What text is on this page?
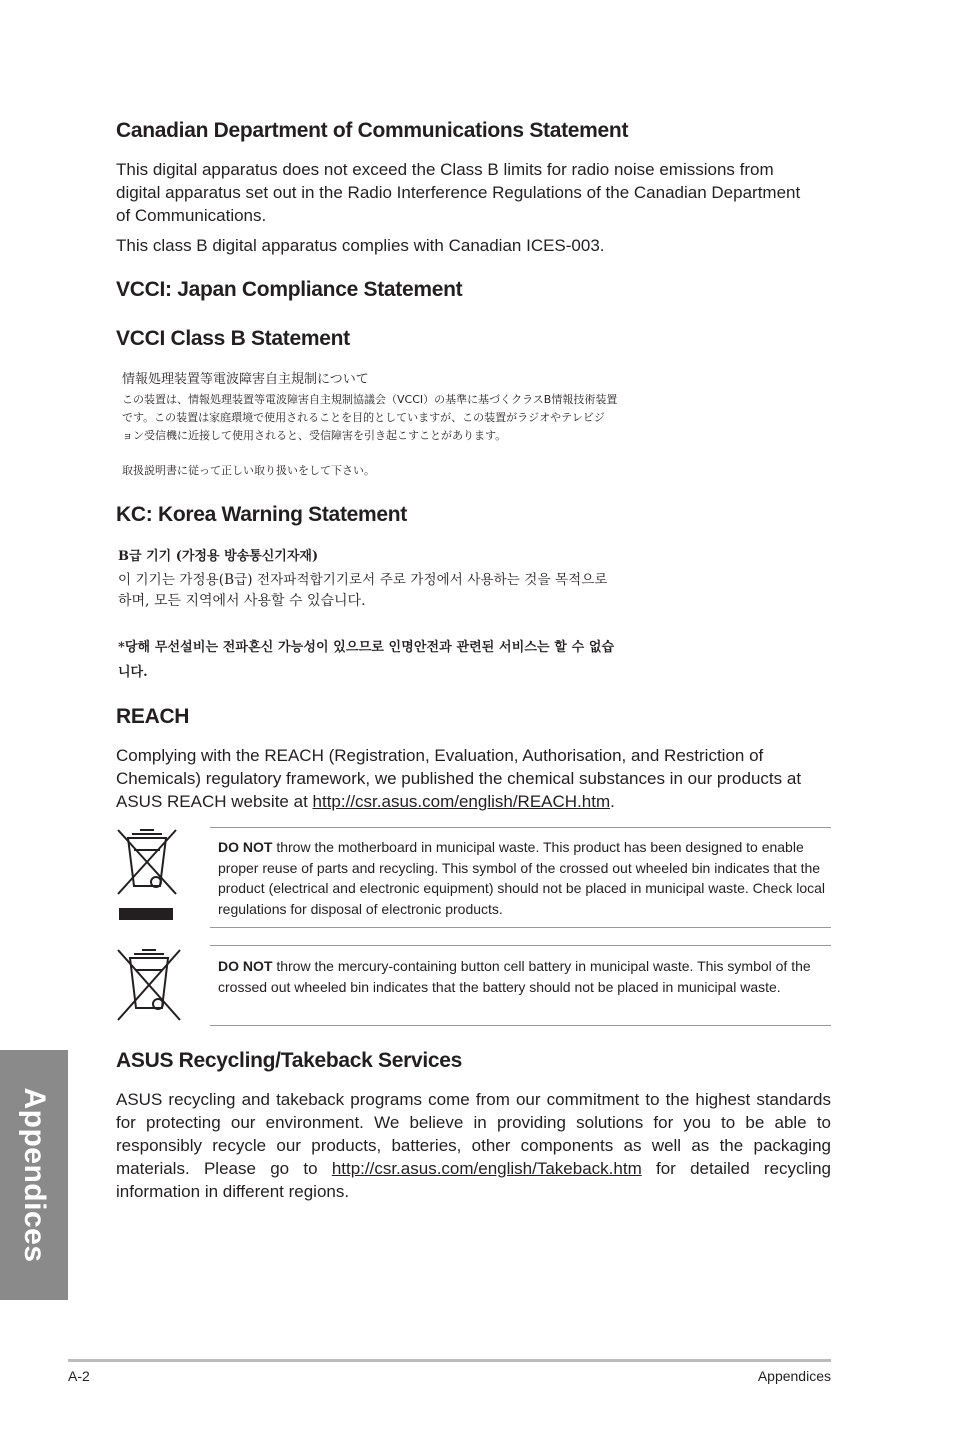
Canadian Department of Communications Statement

This digital apparatus does not exceed the Class B limits for radio noise emissions from digital apparatus set out in the Radio Interference Regulations of the Canadian Department of Communications.

This class B digital apparatus complies with Canadian ICES-003.

VCCI: Japan Compliance Statement
VCCI Class B Statement
情報処理装置等電波障害自主規制について
この装置は、情報処理装置等電波障害自主規制協議会（VCCI）の基準に基づくクラスB情報技術装置
です。この装置は家庭環境で使用されることを目的としていますが、この装置がラジオやテレビジ
ョン受信機に近接して使用されると、受信障害を引き起こすことがあります。
取扱説明書に従って正しい取り扱いをして下さい。
KC: Korea Warning Statement
B급 기기 (가정용 방송통신기자재)
이 기기는 가정용(B급) 전자파적합기기로서 주로 가정에서 사용하는 것을 목적으로
하며, 모든 지역에서 사용할 수 있습니다.
*당해 무선설비는 전파혼신 가능성이 있으므로 인명안전과 관련된 서비스는 할 수 없습
니다.
REACH

Complying with the REACH (Registration, Evaluation, Authorisation, and Restriction of Chemicals) regulatory framework, we published the chemical substances in our products at ASUS REACH website at http://csr.asus.com/english/REACH.htm.

DO NOT throw the motherboard in municipal waste. This product has been designed to enable proper reuse of parts and recycling. This symbol of the crossed out wheeled bin indicates that the product (electrical and electronic equipment) should not be placed in municipal waste. Check local regulations for disposal of electronic products.

DO NOT throw the mercury-containing button cell battery in municipal waste. This symbol of the crossed out wheeled bin indicates that the battery should not be placed in municipal waste.

ASUS Recycling/Takeback Services

ASUS recycling and takeback programs come from our commitment to the highest standards for protecting our environment. We believe in providing solutions for you to be able to responsibly recycle our products, batteries, other components as well as the packaging materials. Please go to http://csr.asus.com/english/Takeback.htm for detailed recycling information in different regions.

Appendices
A-2	Appendices
